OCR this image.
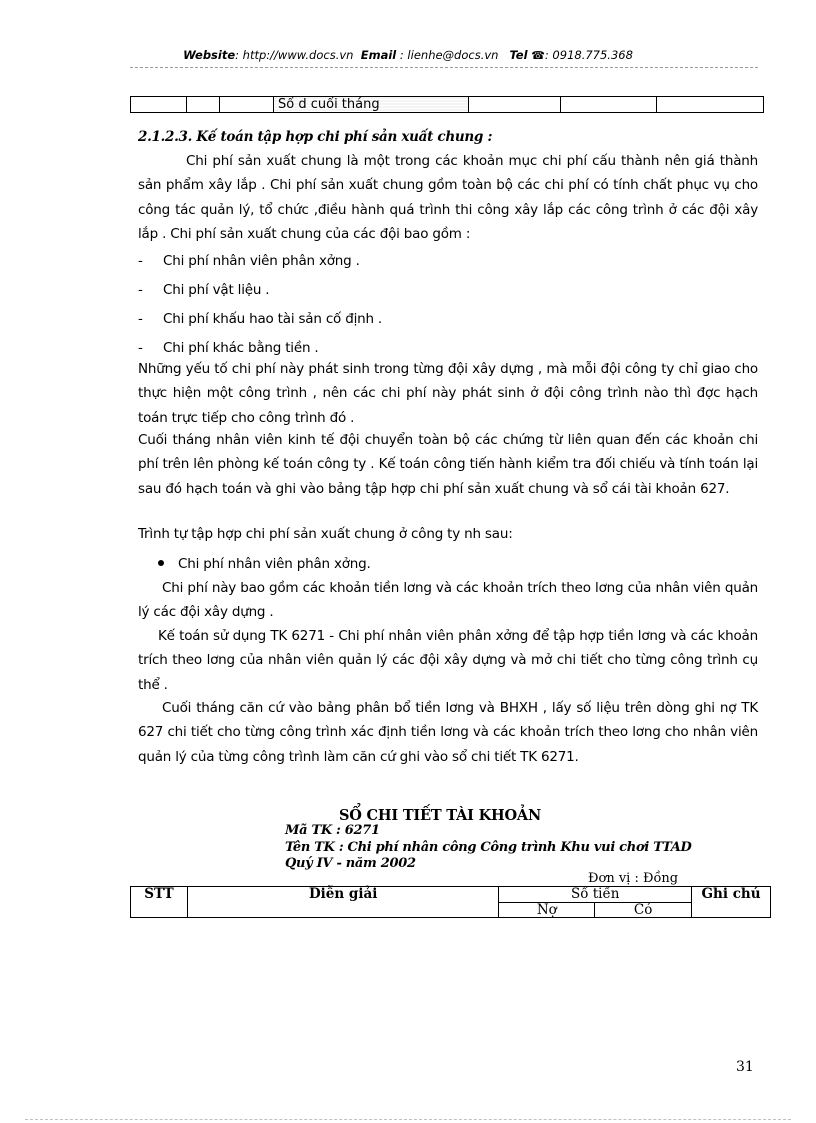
Website: http://www.docs.vn Email : lienhe@docs.vn Tel ☎: 0918.775.368
			Số d cuối tháng			
2.1.2.3. Kế toán tập hợp chi phí sản xuất chung :
Chi phí sản xuất chung là một trong các khoản mục chi phí cấu thành nên giá thành sản phẩm xây lắp . Chi phí sản xuất chung gồm toàn bộ các chi phí có tính chất phục vụ cho công tác quản lý, tổ chức ,điều hành quá trình thi công xây lắp các công trình ở các đội xây lắp . Chi phí sản xuất chung của các đội bao gồm :
- Chi phí nhân viên phân xởng .
- Chi phí vật liệu .
- Chi phí khấu hao tài sản cố định .
- Chi phí khác bằng tiền .
Những yếu tố chi phí này phát sinh trong từng đội xây dựng , mà mỗi đội công ty chỉ giao cho thực hiện một công trình , nên các chi phí này phát sinh ở đội công trình nào thì đợc hạch toán trực tiếp cho công trình đó .
Cuối tháng nhân viên kinh tế đội chuyển toàn bộ các chứng từ liên quan đến các khoản chi phí trên lên phòng kế toán công ty . Kế toán công tiến hành kiểm tra đối chiếu và tính toán lại sau đó hạch toán và ghi vào bảng tập hợp chi phí sản xuất chung và sổ cái tài khoản 627.
Trình tự tập hợp chi phí sản xuất chung ở công ty nh sau:
Chi phí nhân viên phân xởng.
Chi phí này bao gồm các khoản tiền lơng và các khoản trích theo lơng của nhân viên quản lý các đội xây dựng .
Kế toán sử dụng TK 6271 - Chi phí nhân viên phân xởng để tập hợp tiền lơng và các khoản trích theo lơng của nhân viên quản lý các đội xây dựng và mở chi tiết cho từng công trình cụ thể .
Cuối tháng căn cứ vào bảng phân bổ tiền lơng và BHXH , lấy số liệu trên dòng ghi nợ TK 627 chi tiết cho từng công trình xác định tiền lơng và các khoản trích theo lơng cho nhân viên quản lý của từng công trình làm căn cứ ghi vào sổ chi tiết TK 6271.
SỔ CHI TIẾT TÀI KHOẢN
Mã TK : 6271
Tên TK : Chi phí nhân công Công trình Khu vui chơi TTAD
Quý IV - năm 2002
Đơn vị : Đồng
STT	Diễn giải	Số tiền		Ghi chú
		Nợ	Có	
31
